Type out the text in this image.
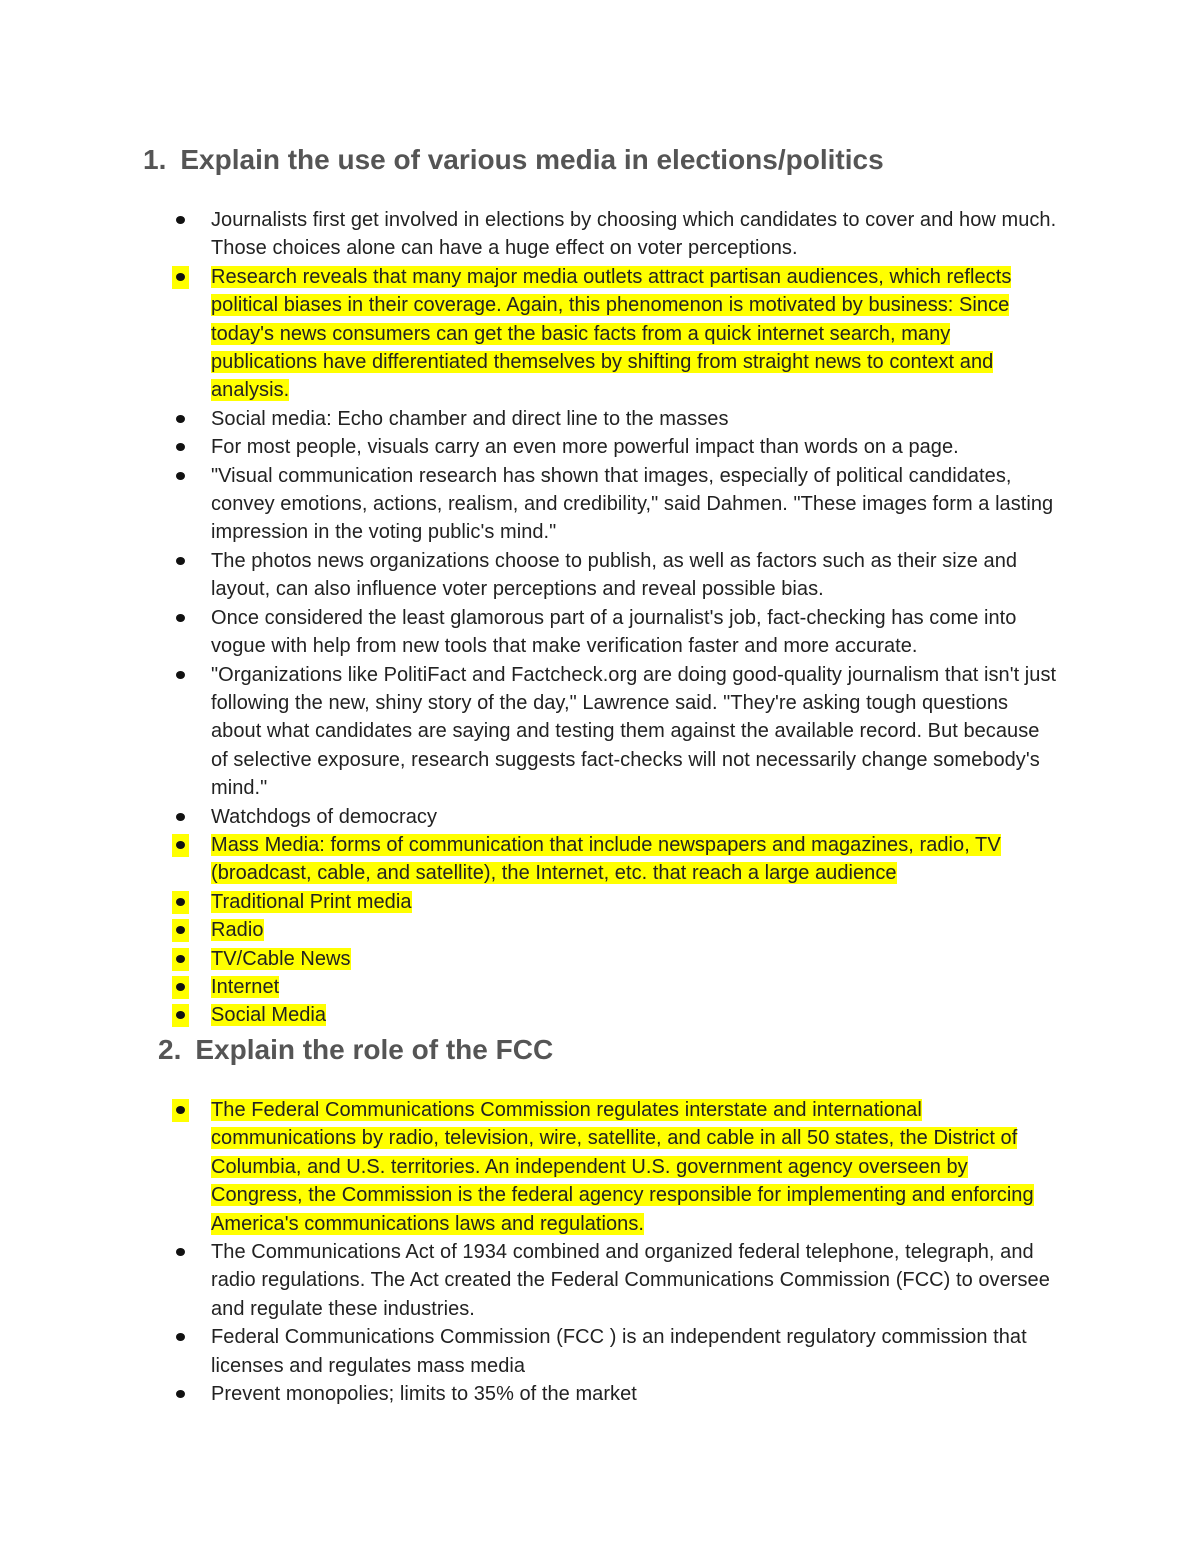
1. Explain the use of various media in elections/politics
Journalists first get involved in elections by choosing which candidates to cover and how much. Those choices alone can have a huge effect on voter perceptions.
Research reveals that many major media outlets attract partisan audiences, which reflects political biases in their coverage. Again, this phenomenon is motivated by business: Since today's news consumers can get the basic facts from a quick internet search, many publications have differentiated themselves by shifting from straight news to context and analysis.
Social media: Echo chamber and direct line to the masses
For most people, visuals carry an even more powerful impact than words on a page.
"Visual communication research has shown that images, especially of political candidates, convey emotions, actions, realism, and credibility," said Dahmen. "These images form a lasting impression in the voting public's mind."
The photos news organizations choose to publish, as well as factors such as their size and layout, can also influence voter perceptions and reveal possible bias.
Once considered the least glamorous part of a journalist's job, fact-checking has come into vogue with help from new tools that make verification faster and more accurate.
"Organizations like PolitiFact and Factcheck.org are doing good-quality journalism that isn't just following the new, shiny story of the day," Lawrence said. "They're asking tough questions about what candidates are saying and testing them against the available record. But because of selective exposure, research suggests fact-checks will not necessarily change somebody's mind."
Watchdogs of democracy
Mass Media: forms of communication that include newspapers and magazines, radio, TV (broadcast, cable, and satellite), the Internet, etc. that reach a large audience
Traditional Print media
Radio
TV/Cable News
Internet
Social Media
2. Explain the role of the FCC
The Federal Communications Commission regulates interstate and international communications by radio, television, wire, satellite, and cable in all 50 states, the District of Columbia, and U.S. territories. An independent U.S. government agency overseen by Congress, the Commission is the federal agency responsible for implementing and enforcing America's communications laws and regulations.
The Communications Act of 1934 combined and organized federal telephone, telegraph, and radio regulations. The Act created the Federal Communications Commission (FCC) to oversee and regulate these industries.
Federal Communications Commission (FCC ) is an independent regulatory commission that licenses and regulates mass media
Prevent monopolies; limits to 35% of the market
